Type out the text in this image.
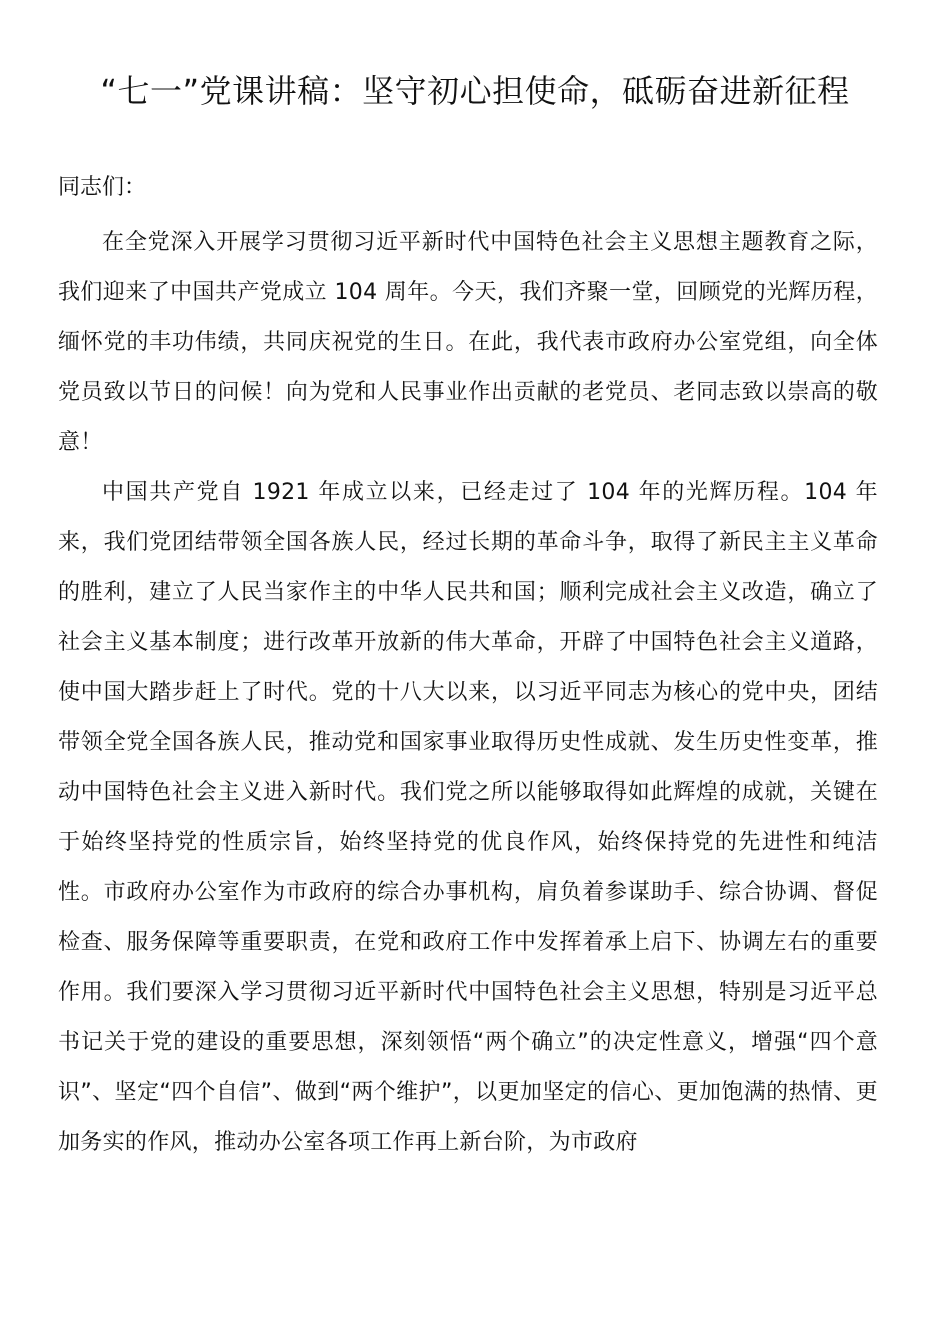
“七一”党课讲稿：坚守初心担使命，砥砺奋进新征程

同志们：

在全党深入开展学习贯彻习近平新时代中国特色社会主义思想主题教育之际，我们迎来了中国共产党成立 104 周年。今天，我们齐聚一堂，回顾党的光辉历程，缅怀党的丰功伟绩，共同庆祝党的生日。在此，我代表市政府办公室党组，向全体党员致以节日的问候！向为党和人民事业作出贡献的老党员、老同志致以崇高的敬意！

中国共产党自 1921 年成立以来，已经走过了 104 年的光辉历程。104 年来，我们党团结带领全国各族人民，经过长期的革命斗争，取得了新民主主义革命的胜利，建立了人民当家作主的中华人民共和国；顺利完成社会主义改造，确立了社会主义基本制度；进行改革开放新的伟大革命，开辟了中国特色社会主义道路，使中国大踏步赶上了时代。党的十八大以来，以习近平同志为核心的党中央，团结带领全党全国各族人民，推动党和国家事业取得历史性成就、发生历史性变革，推动中国特色社会主义进入新时代。我们党之所以能够取得如此辉煌的成就，关键在于始终坚持党的性质宗旨，始终坚持党的优良作风，始终保持党的先进性和纯洁性。市政府办公室作为市政府的综合办事机构，肩负着参谋助手、综合协调、督促检查、服务保障等重要职责，在党和政府工作中发挥着承上启下、协调左右的重要作用。我们要深入学习贯彻习近平新时代中国特色社会主义思想，特别是习近平总书记关于党的建设的重要思想，深刻领悟“两个确立”的决定性意义，增强“四个意识”、坚定“四个自信”、做到“两个维护”，以更加坚定的信心、更加饱满的热情、更加务实的作风，推动办公室各项工作再上新台阶，为市政府
